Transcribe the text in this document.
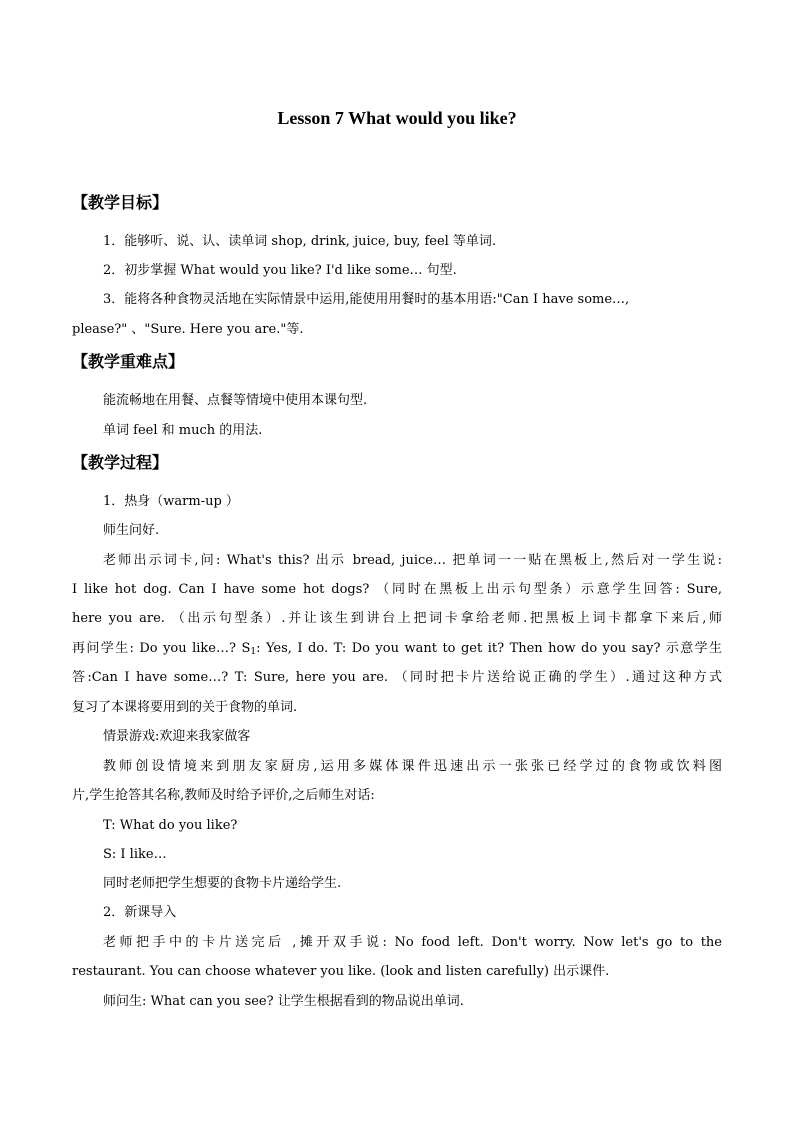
Lesson 7 What would you like?
【教学目标】
1．能够听、说、认、读单词 shop, drink, juice, buy, feel 等单词.
2．初步掌握 What would you like? I'd like some… 句型.
3．能将各种食物灵活地在实际情景中运用,能使用用餐时的基本用语:"Can I have some…,
please?" 、"Sure. Here you are."等.
【教学重难点】
能流畅地在用餐、点餐等情境中使用本课句型.
单词 feel 和 much 的用法.
【教学过程】
1．热身（warm-up ）
师生问好.
老师出示词卡,问: What's this? 出示 bread, juice… 把单词一一贴在黑板上,然后对一学生说:
I like hot dog. Can I have some hot dogs? （同时在黑板上出示句型条）示意学生回答: Sure,
here you are. （出示句型条）.并让该生到讲台上把词卡拿给老师.把黑板上词卡都拿下来后,师
再问学生: Do you like…? $S_1$: Yes, I do. T: Do you want to get it? Then how do you say? 示意学生
答:Can I have some…? T: Sure, here you are. （同时把卡片送给说正确的学生）.通过这种方式
复习了本课将要用到的关于食物的单词.
情景游戏:欢迎来我家做客
教师创设情境来到朋友家厨房,运用多媒体课件迅速出示一张张已经学过的食物或饮料图
片,学生抢答其名称,教师及时给予评价,之后师生对话:
T: What do you like?
S: I like…
同时老师把学生想要的食物卡片递给学生.
2．新课导入
老师把手中的卡片送完后 ,摊开双手说: No food left. Don't worry. Now let's go to the
restaurant. You can choose whatever you like. (look and listen carefully) 出示课件.
师问生: What can you see? 让学生根据看到的物品说出单词.
